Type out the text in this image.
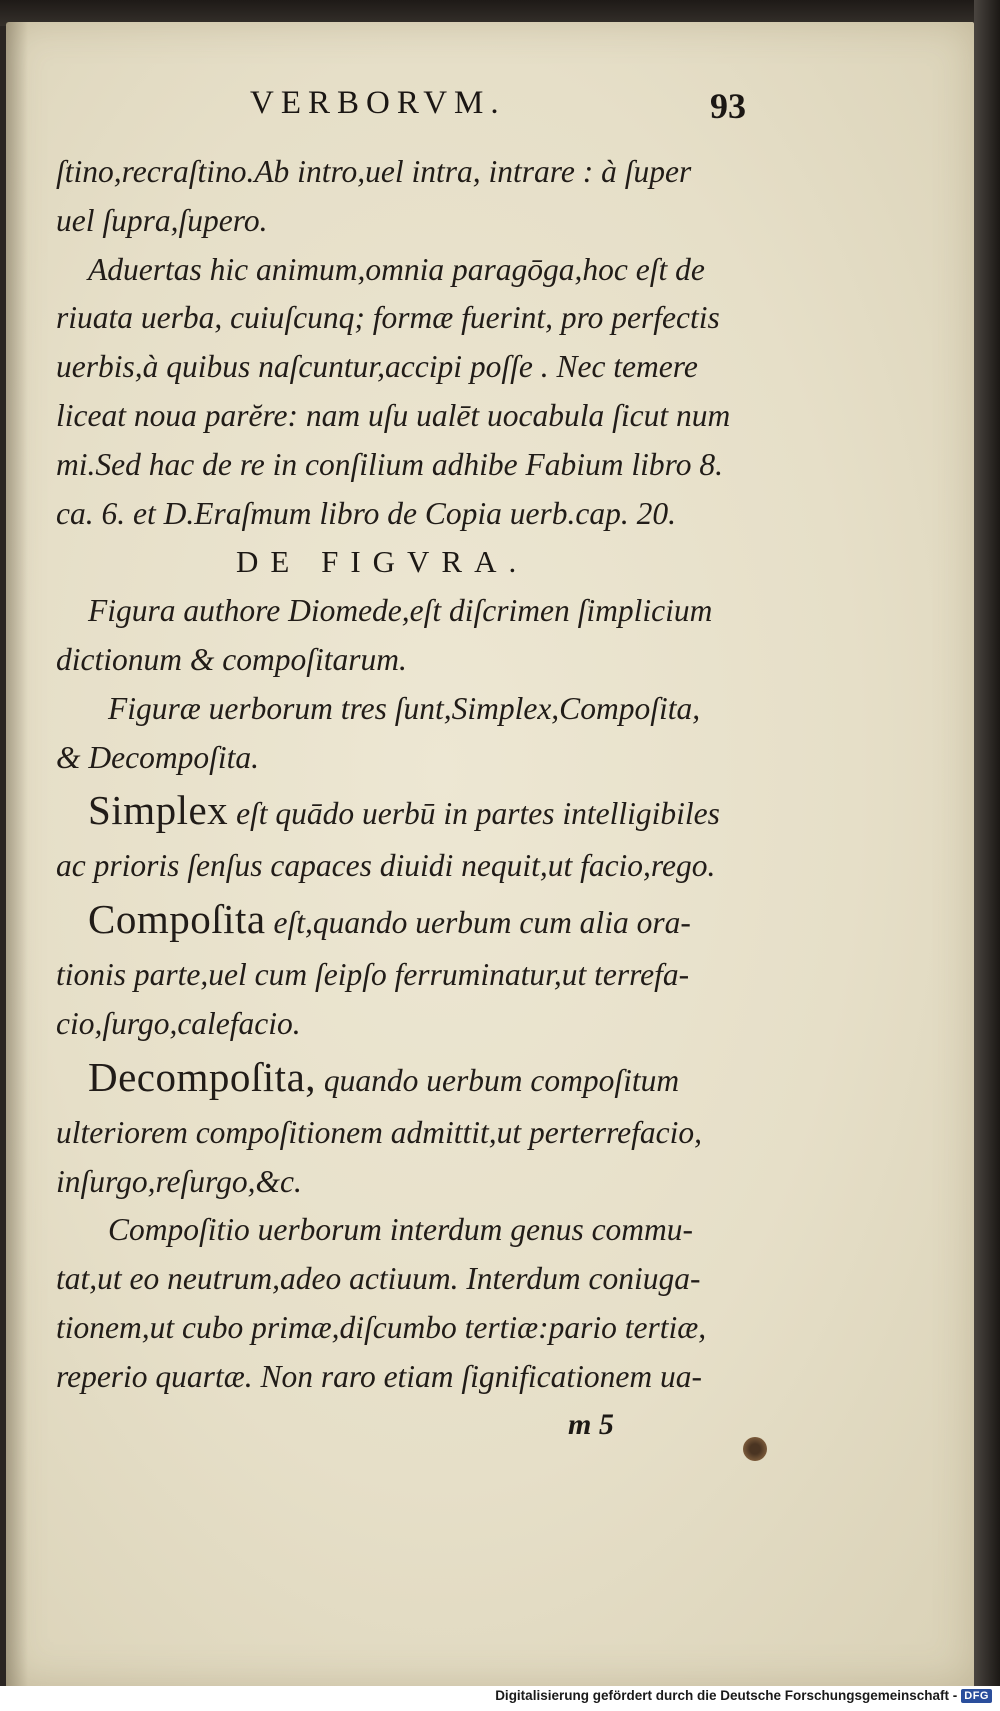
VERBORVM.	93
ſtino,recraſtino.Ab intro,uel intra, intrare : à ſuper
uel ſupra,ſupero.
Aduertas hic animum,omnia paragōga,hoc eſt de
riuata uerba, cuiuſcunq; formæ fuerint, pro perfectis
uerbis,à quibus naſcuntur,accipi poſſe . Nec temere
liceat noua parĕre: nam uſu ualēt uocabula ſicut num
mi.Sed hac de re in conſilium adhibe Fabium libro 8.
ca. 6. et D.Eraſmum libro de Copia uerb.cap. 20.
DE FIGVRA.
Figura authore Diomede,eſt diſcrimen ſimplicium
dictionum & compoſitarum.
Figuræ uerborum tres ſunt,Simplex,Compoſita,
& Decompoſita.
Simplex eſt quādo uerbū in partes intelligibiles
ac prioris ſenſus capaces diuidi nequit,ut facio,rego.
Compoſita eſt,quando uerbum cum alia ora-
tionis parte,uel cum ſeipſo ferruminatur,ut terrefa-
cio,ſurgo,calefacio.
Decompoſita, quando uerbum compoſitum
ulteriorem compoſitionem admittit,ut perterrefacio,
inſurgo,reſurgo,&c.
Compoſitio uerborum interdum genus commu-
tat,ut eo neutrum,adeo actiuum. Interdum coniuga-
tionem,ut cubo primæ,diſcumbo tertiæ:pario tertiæ,
reperio quartæ. Non raro etiam ſignificationem ua-
m 5
Digitalisierung gefördert durch die Deutsche Forschungsgemeinschaft - DFG
